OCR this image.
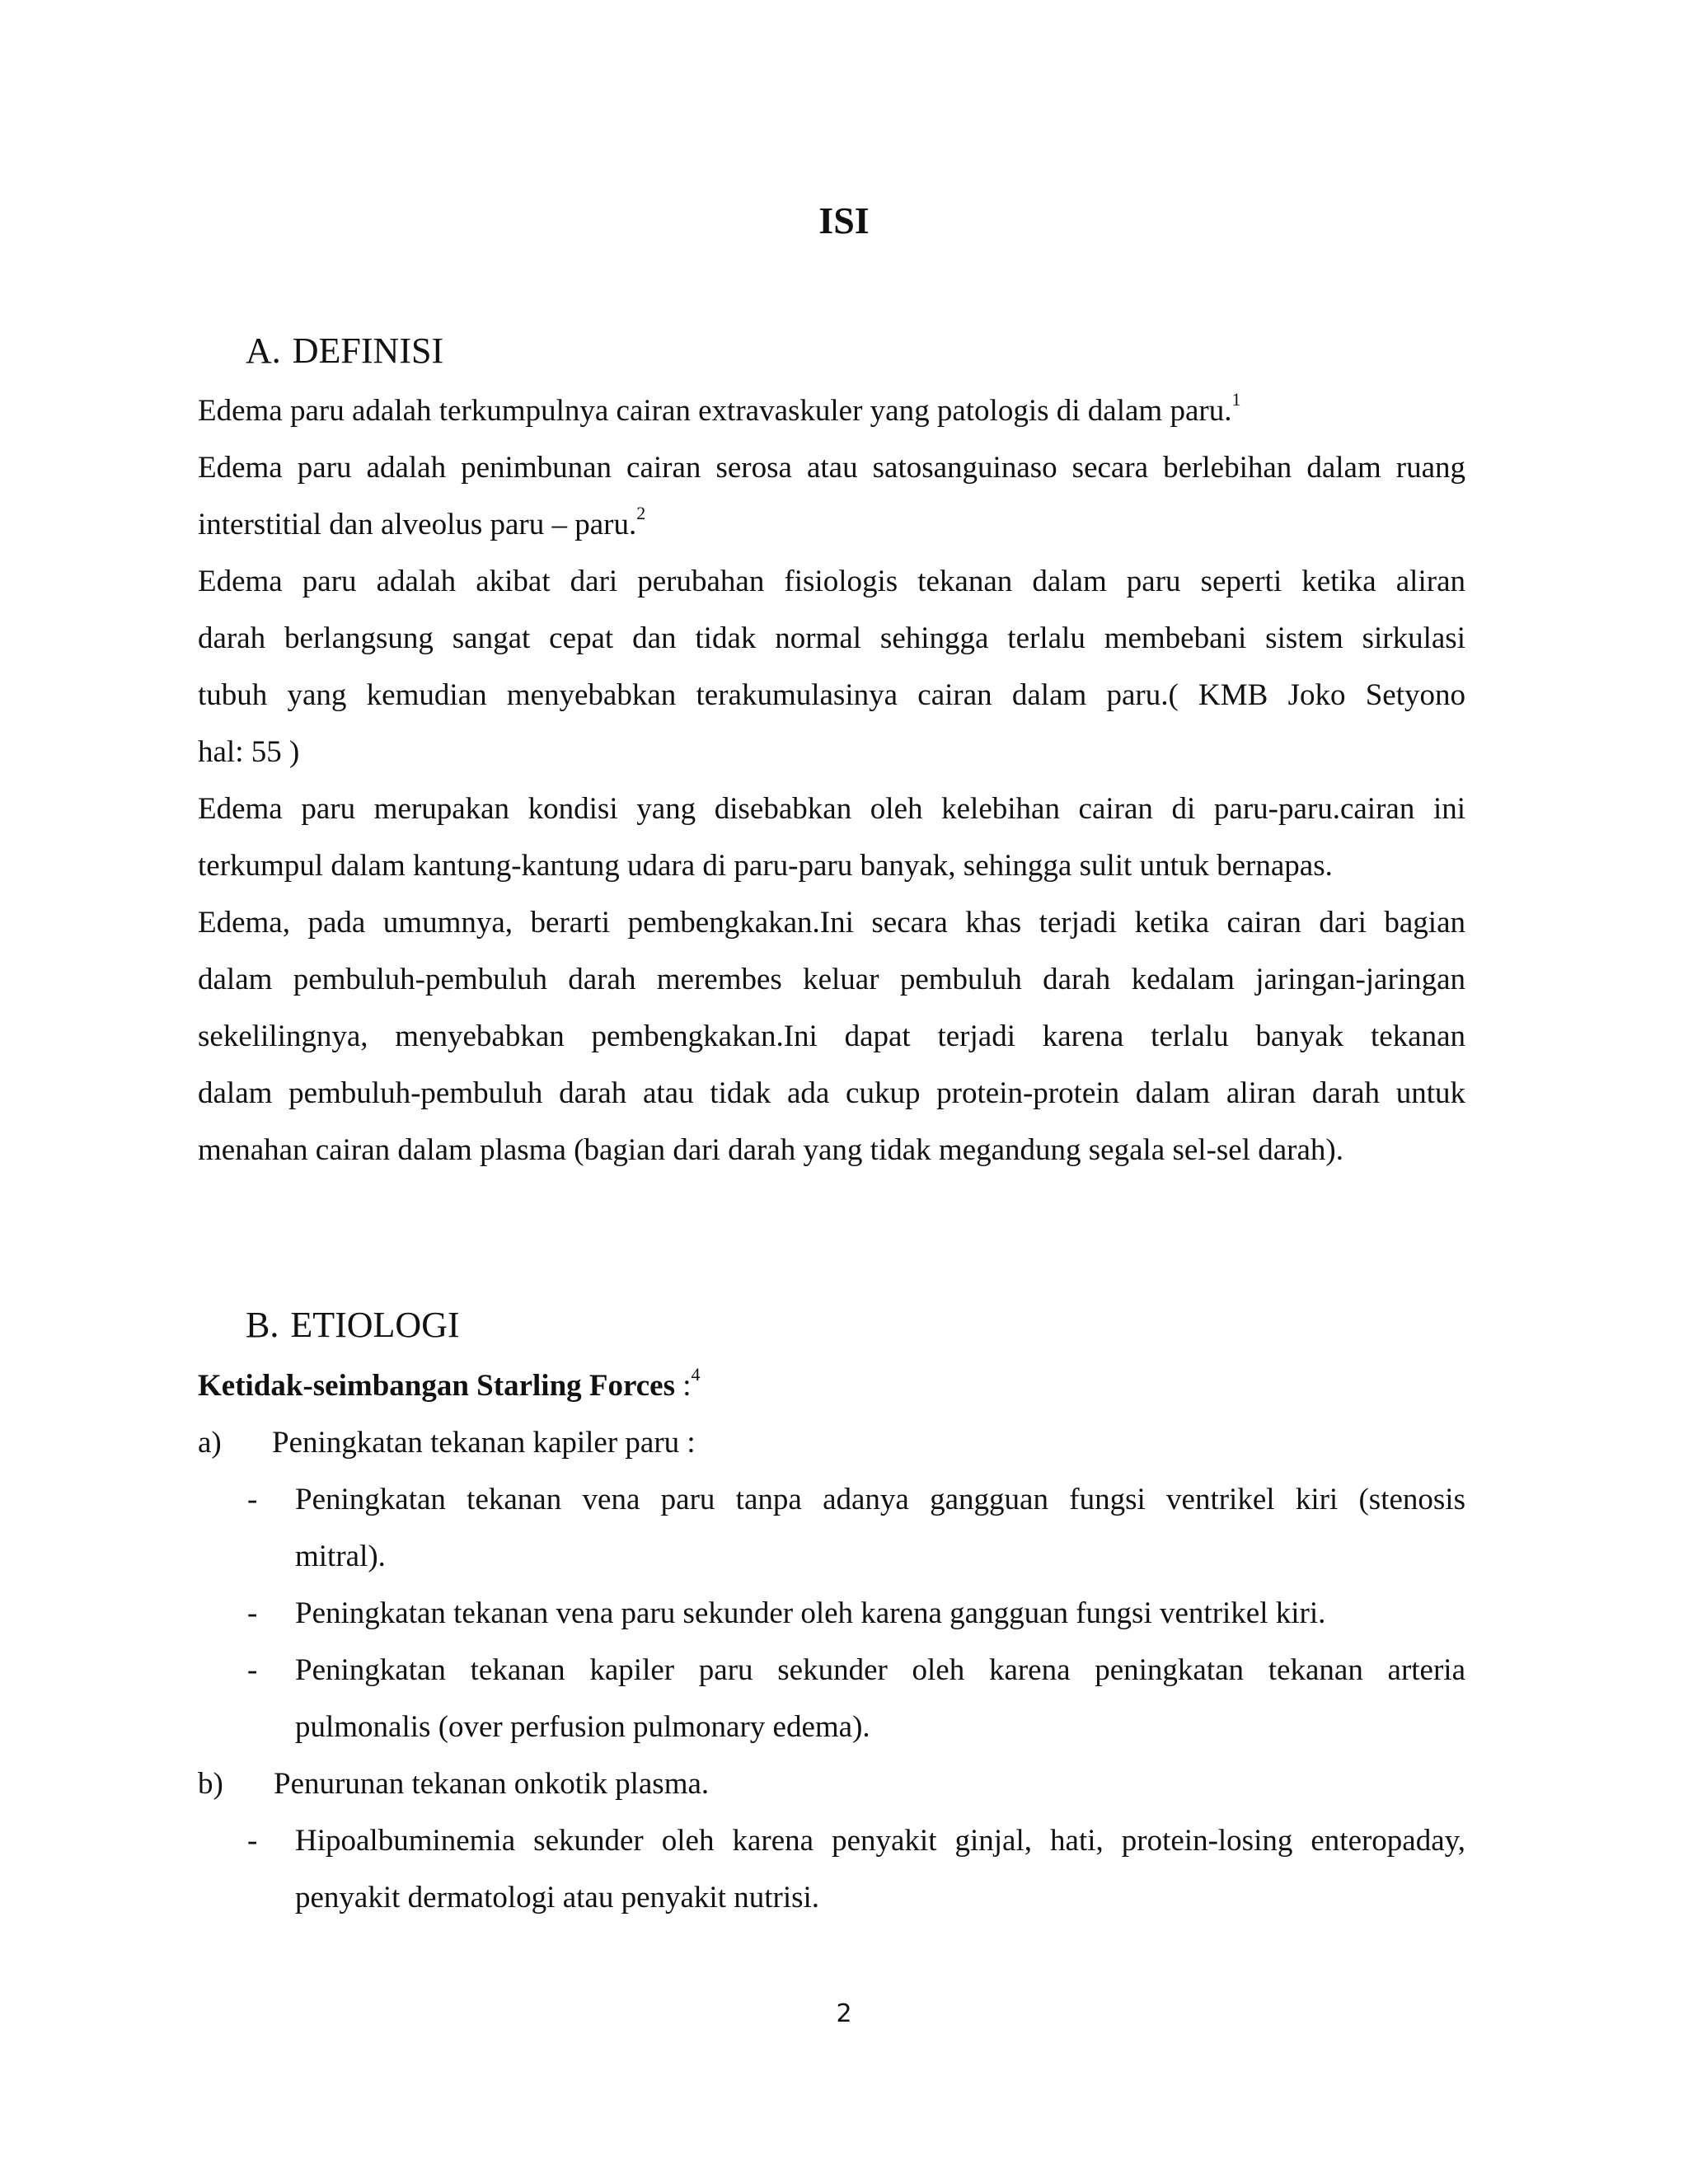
ISI
A. DEFINISI
Edema paru adalah terkumpulnya cairan extravaskuler yang patologis di dalam paru.$^1$
Edema paru adalah penimbunan cairan serosa atau satosanguinaso secara berlebihan dalam ruang
interstitial dan alveolus paru – paru.$^2$
Edema paru adalah akibat dari perubahan fisiologis tekanan dalam paru seperti ketika aliran
darah berlangsung sangat cepat dan tidak normal sehingga terlalu membebani sistem sirkulasi
tubuh yang kemudian menyebabkan terakumulasinya cairan dalam paru.( KMB Joko Setyono
hal: 55 )
Edema paru merupakan kondisi yang disebabkan oleh kelebihan cairan di paru-paru.cairan ini
terkumpul dalam kantung-kantung udara di paru-paru banyak, sehingga sulit untuk bernapas.
Edema, pada umumnya, berarti pembengkakan.Ini secara khas terjadi ketika cairan dari bagian
dalam pembuluh-pembuluh darah merembes keluar pembuluh darah kedalam jaringan-jaringan
sekelilingnya, menyebabkan pembengkakan.Ini dapat terjadi karena terlalu banyak tekanan
dalam pembuluh-pembuluh darah atau tidak ada cukup protein-protein dalam aliran darah untuk
menahan cairan dalam plasma (bagian dari darah yang tidak megandung segala sel-sel darah).
B. ETIOLOGI
Ketidak-seimbangan Starling Forces :$^4$
a) Peningkatan tekanan kapiler paru :
- Peningkatan tekanan vena paru tanpa adanya gangguan fungsi ventrikel kiri (stenosis
mitral).
- Peningkatan tekanan vena paru sekunder oleh karena gangguan fungsi ventrikel kiri.
- Peningkatan tekanan kapiler paru sekunder oleh karena peningkatan tekanan arteria
pulmonalis (over perfusion pulmonary edema).
b) Penurunan tekanan onkotik plasma.
- Hipoalbuminemia sekunder oleh karena penyakit ginjal, hati, protein-losing enteropaday,
penyakit dermatologi atau penyakit nutrisi.
2
